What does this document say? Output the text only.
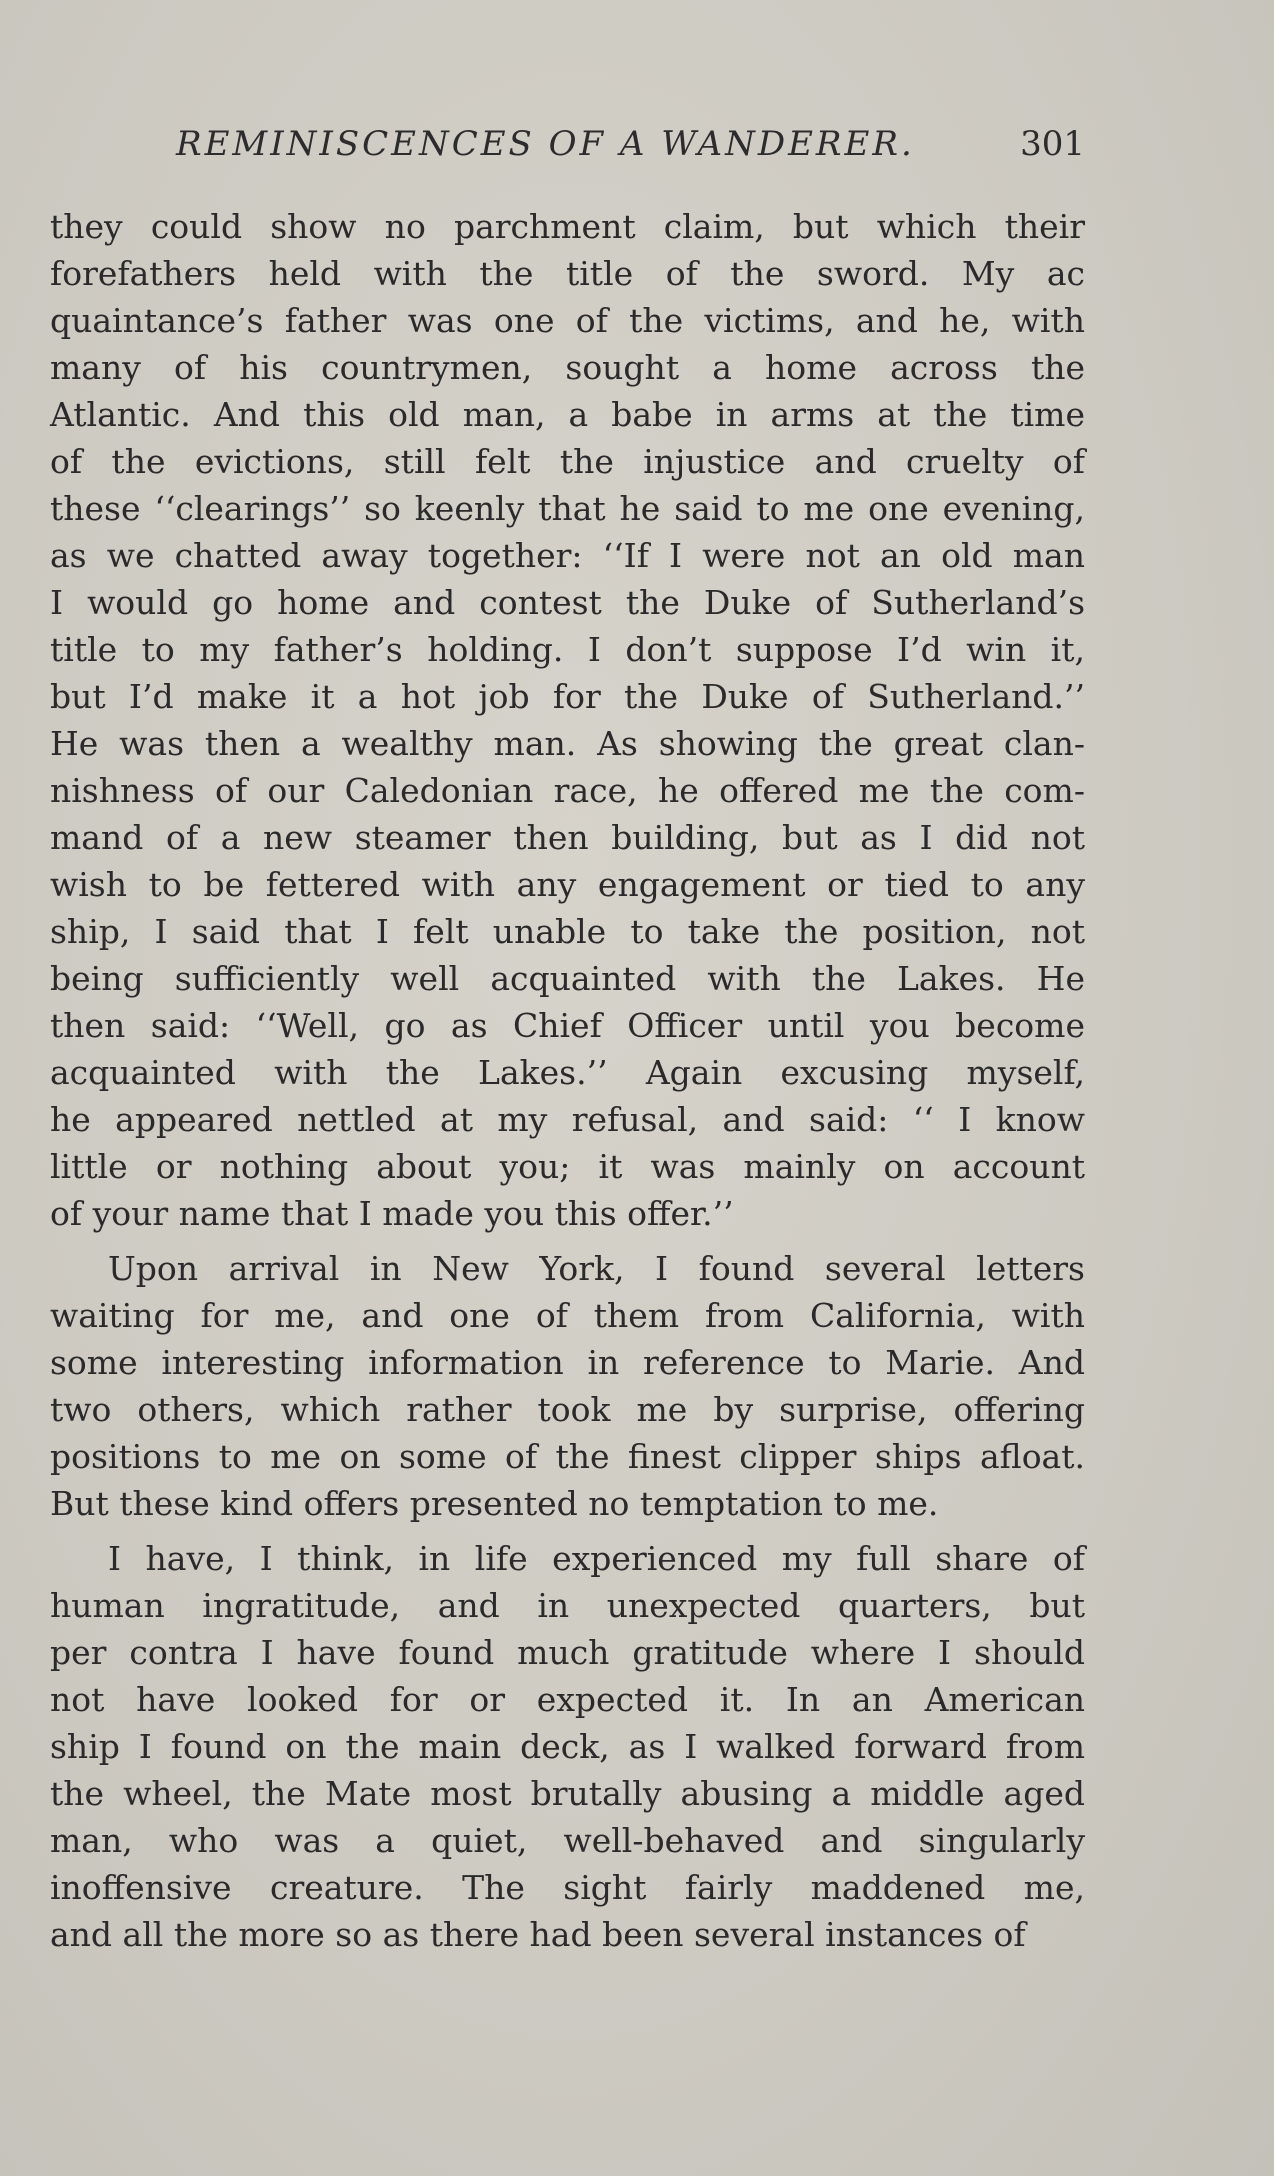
REMINISCENCES OF A WANDERER.	301
they could show no parchment claim, but which their
forefathers held with the title of the sword. My ac
quaintance’s father was one of the victims, and he, with
many of his countrymen, sought a home across the
Atlantic. And this old man, a babe in arms at the time
of the evictions, still felt the injustice and cruelty of
these ‘‘clearings’’ so keenly that he said to me one evening,
as we chatted away together: ‘‘If I were not an old man
I would go home and contest the Duke of Sutherland’s
title to my father’s holding. I don’t suppose I’d win it,
but I’d make it a hot job for the Duke of Sutherland.’’
He was then a wealthy man. As showing the great clan-
nishness of our Caledonian race, he offered me the com-
mand of a new steamer then building, but as I did not
wish to be fettered with any engagement or tied to any
ship, I said that I felt unable to take the position, not
being sufficiently well acquainted with the Lakes. He
then said: ‘‘Well, go as Chief Officer until you become
acquainted with the Lakes.’’ Again excusing myself,
he appeared nettled at my refusal, and said: ‘‘ I know
little or nothing about you; it was mainly on account
of your name that I made you this offer.’’
Upon arrival in New York, I found several letters
waiting for me, and one of them from California, with
some interesting information in reference to Marie. And
two others, which rather took me by surprise, offering
positions to me on some of the finest clipper ships afloat.
But these kind offers presented no temptation to me.
I have, I think, in life experienced my full share of
human ingratitude, and in unexpected quarters, but
per contra I have found much gratitude where I should
not have looked for or expected it. In an American
ship I found on the main deck, as I walked forward from
the wheel, the Mate most brutally abusing a middle aged
man, who was a quiet, well-behaved and singularly
inoffensive creature. The sight fairly maddened me,
and all the more so as there had been several instances of
